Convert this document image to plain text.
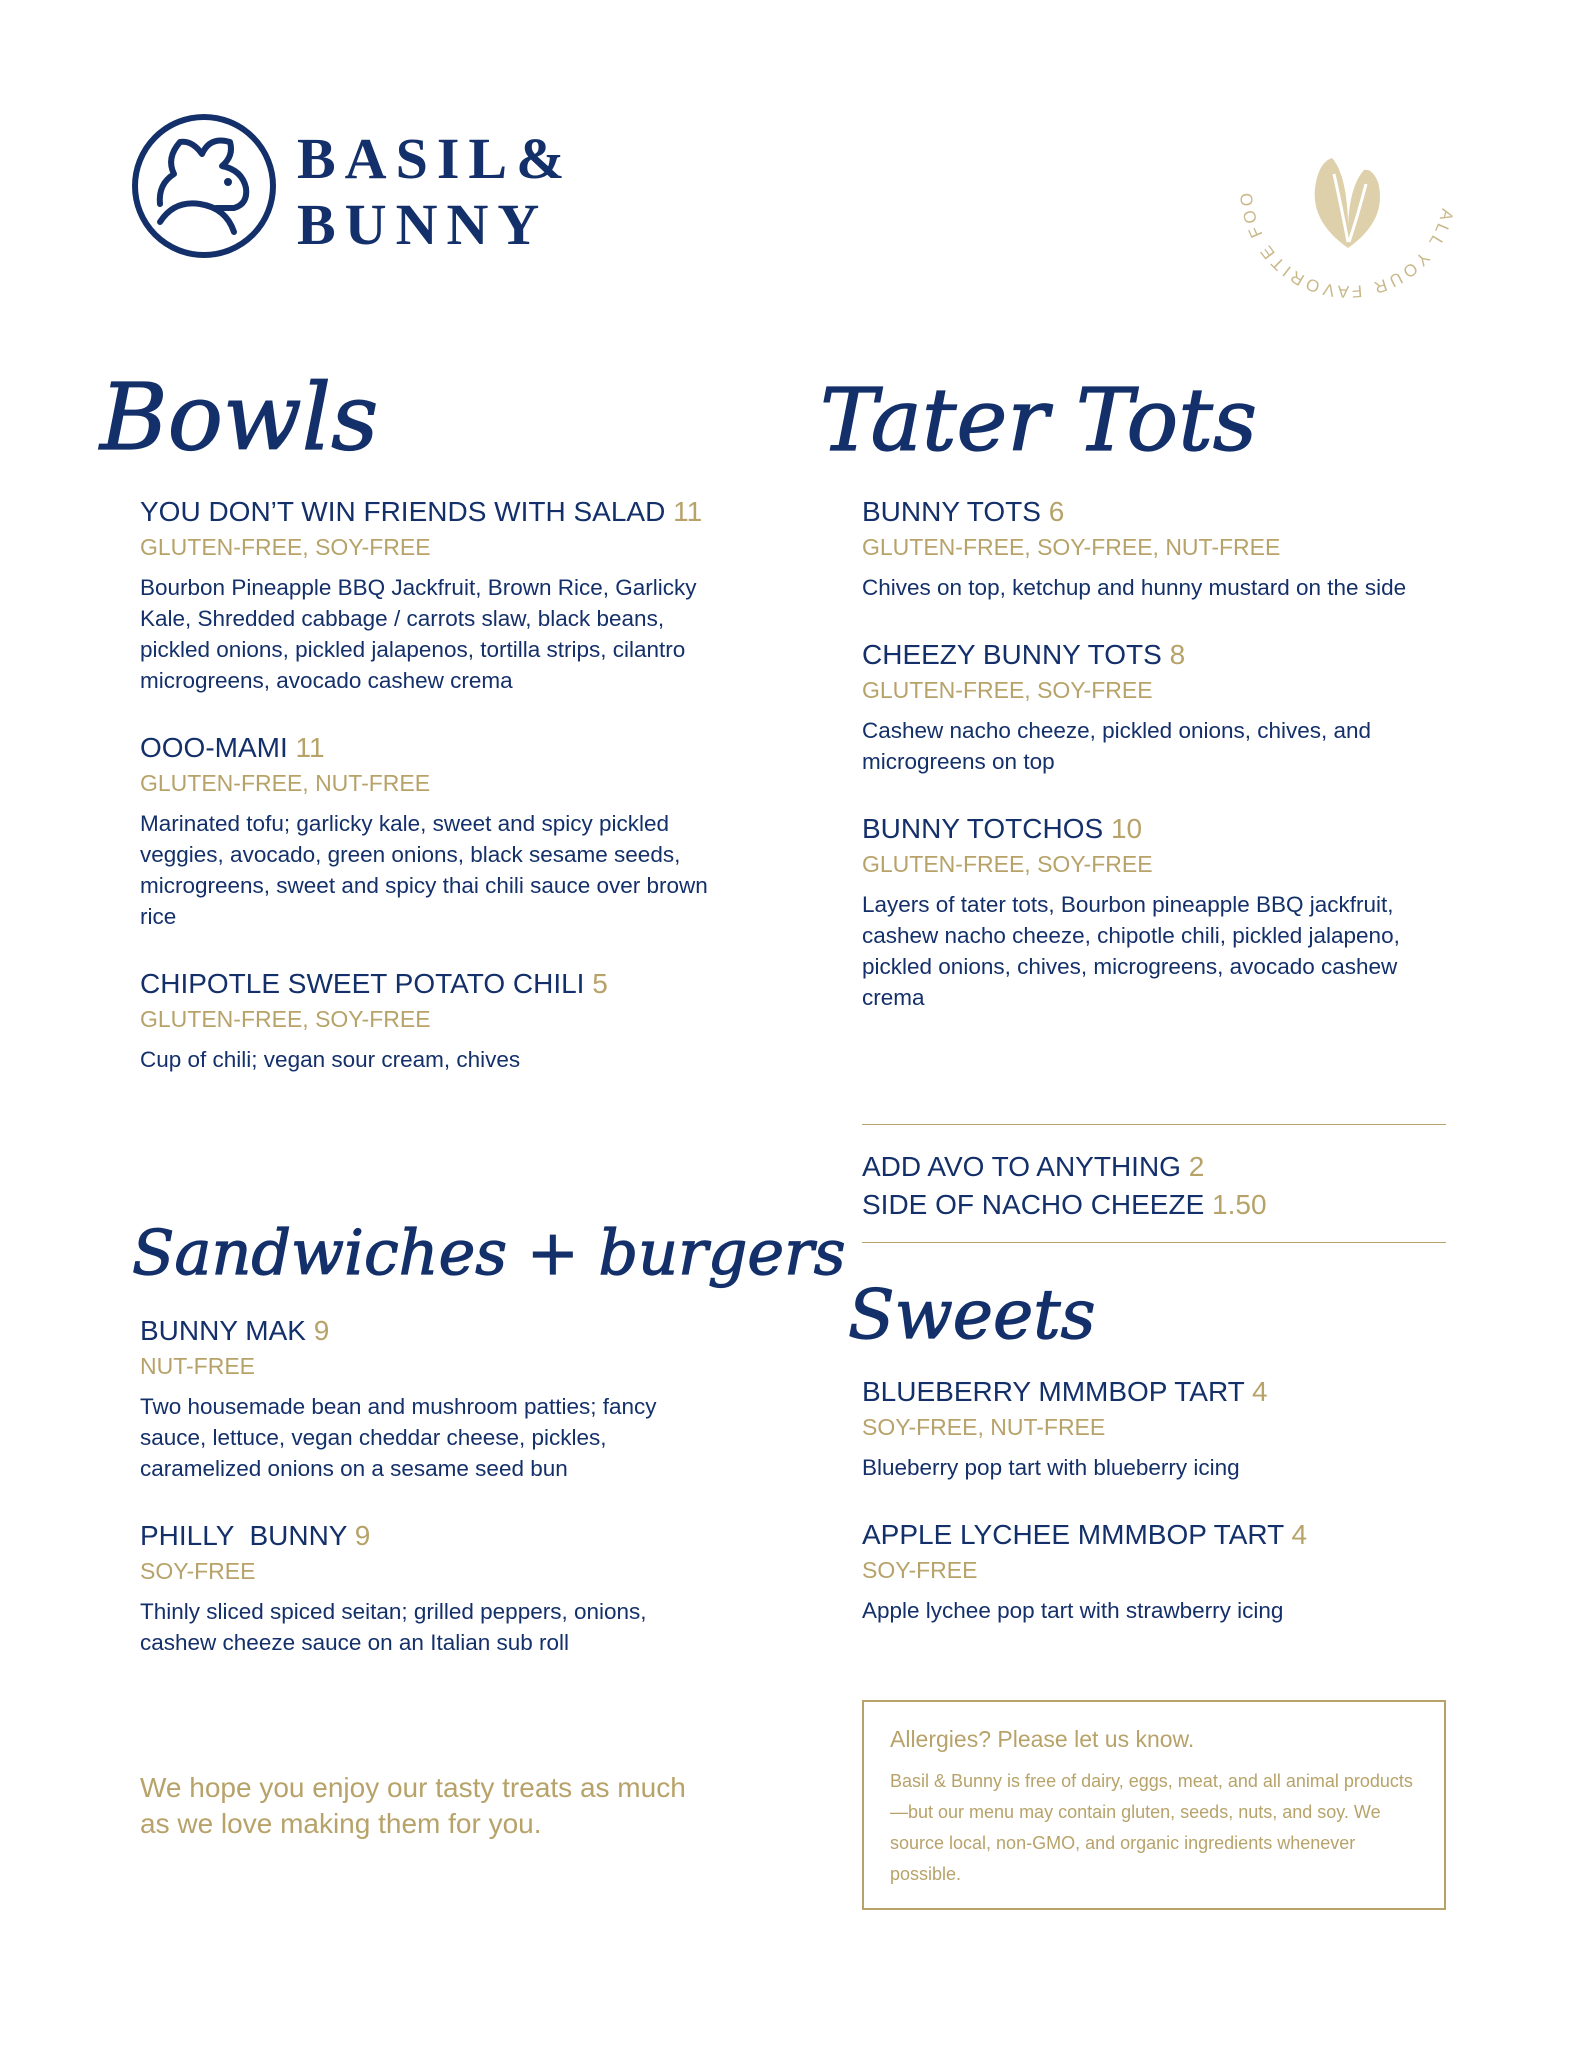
BASIL&
BUNNY	ALL YOUR FAVORITE FOO
Bowls	Tater Tots
Sandwiches + burgers
Sweets
YOU DON’T WIN FRIENDS WITH SALAD 11
GLUTEN-FREE, SOY-FREE
Bourbon Pineapple BBQ Jackfruit, Brown Rice, Garlicky Kale, Shredded cabbage / carrots slaw, black beans, pickled onions, pickled jalapenos, tortilla strips, cilantro microgreens, avocado cashew crema
OOO-MAMI 11
GLUTEN-FREE, NUT-FREE
Marinated tofu; garlicky kale, sweet and spicy pickled veggies, avocado, green onions, black sesame seeds, microgreens, sweet and spicy thai chili sauce over brown rice
CHIPOTLE SWEET POTATO CHILI 5
GLUTEN-FREE, SOY-FREE
Cup of chili; vegan sour cream, chives
BUNNY MAK 9
NUT-FREE
Two housemade bean and mushroom patties; fancy sauce, lettuce, vegan cheddar cheese, pickles, caramelized onions on a sesame seed bun
PHILLY  BUNNY 9
SOY-FREE
Thinly sliced spiced seitan; grilled peppers, onions, cashew cheeze sauce on an Italian sub roll
BUNNY TOTS 6
GLUTEN-FREE, SOY-FREE, NUT-FREE
Chives on top, ketchup and hunny mustard on the side
CHEEZY BUNNY TOTS 8
GLUTEN-FREE, SOY-FREE
Cashew nacho cheeze, pickled onions, chives, and microgreens on top
BUNNY TOTCHOS 10
GLUTEN-FREE, SOY-FREE
Layers of tater tots, Bourbon pineapple BBQ jackfruit, cashew nacho cheeze, chipotle chili, pickled jalapeno, pickled onions, chives, microgreens, avocado cashew crema
ADD AVO TO ANYTHING 2
SIDE OF NACHO CHEEZE 1.50
BLUEBERRY MMMBOP TART 4
SOY-FREE, NUT-FREE
Blueberry pop tart with blueberry icing
APPLE LYCHEE MMMBOP TART 4
SOY-FREE
Apple lychee pop tart with strawberry icing
We hope you enjoy our tasty treats as much as we love making them for you.
Allergies? Please let us know.
Basil & Bunny is free of dairy, eggs, meat, and all animal products—but our menu may contain gluten, seeds, nuts, and soy. We source local, non-GMO, and organic ingredients whenever possible.
